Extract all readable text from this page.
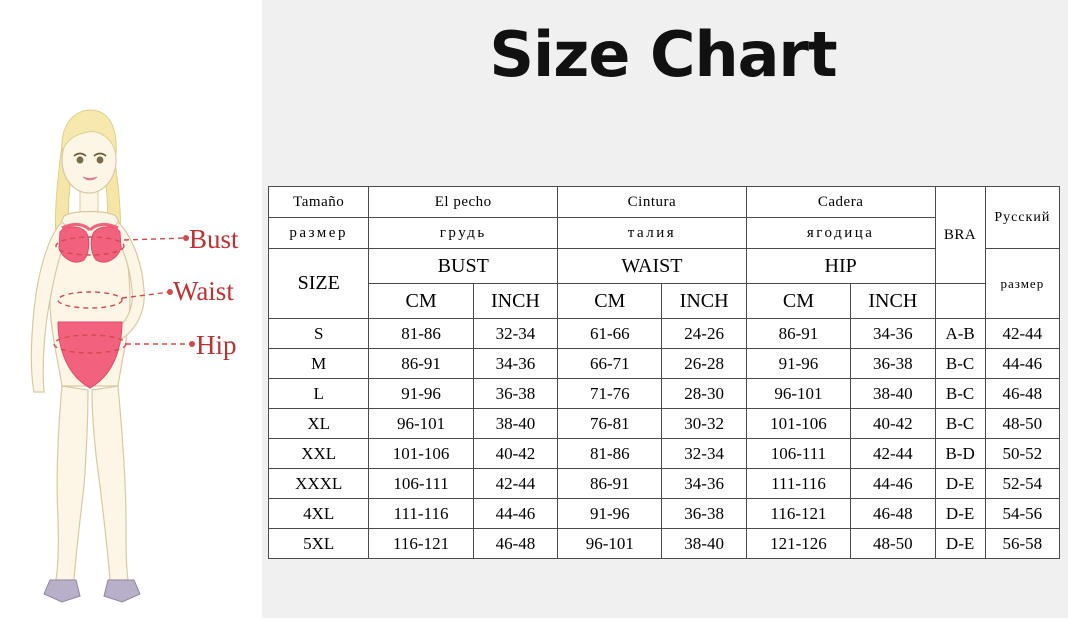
Size Chart
Bust
Waist
Hip
Tamaño	El pecho		Cintura		Cadera		BRA	Русский

размер	грудь		талия		ягодица			
SIZE	BUST		WAIST		HIP			размер

	CM	INCH	CM	INCH	CM	INCH		
S	81-86	32-34	61-66	24-26	86-91	34-36	A-B	42-44
M	86-91	34-36	66-71	26-28	91-96	36-38	B-C	44-46
L	91-96	36-38	71-76	28-30	96-101	38-40	B-C	46-48
XL	96-101	38-40	76-81	30-32	101-106	40-42	B-C	48-50
XXL	101-106	40-42	81-86	32-34	106-111	42-44	B-D	50-52
XXXL	106-111	42-44	86-91	34-36	111-116	44-46	D-E	52-54
4XL	111-116	44-46	91-96	36-38	116-121	46-48	D-E	54-56
5XL	116-121	46-48	96-101	38-40	121-126	48-50	D-E	56-58
